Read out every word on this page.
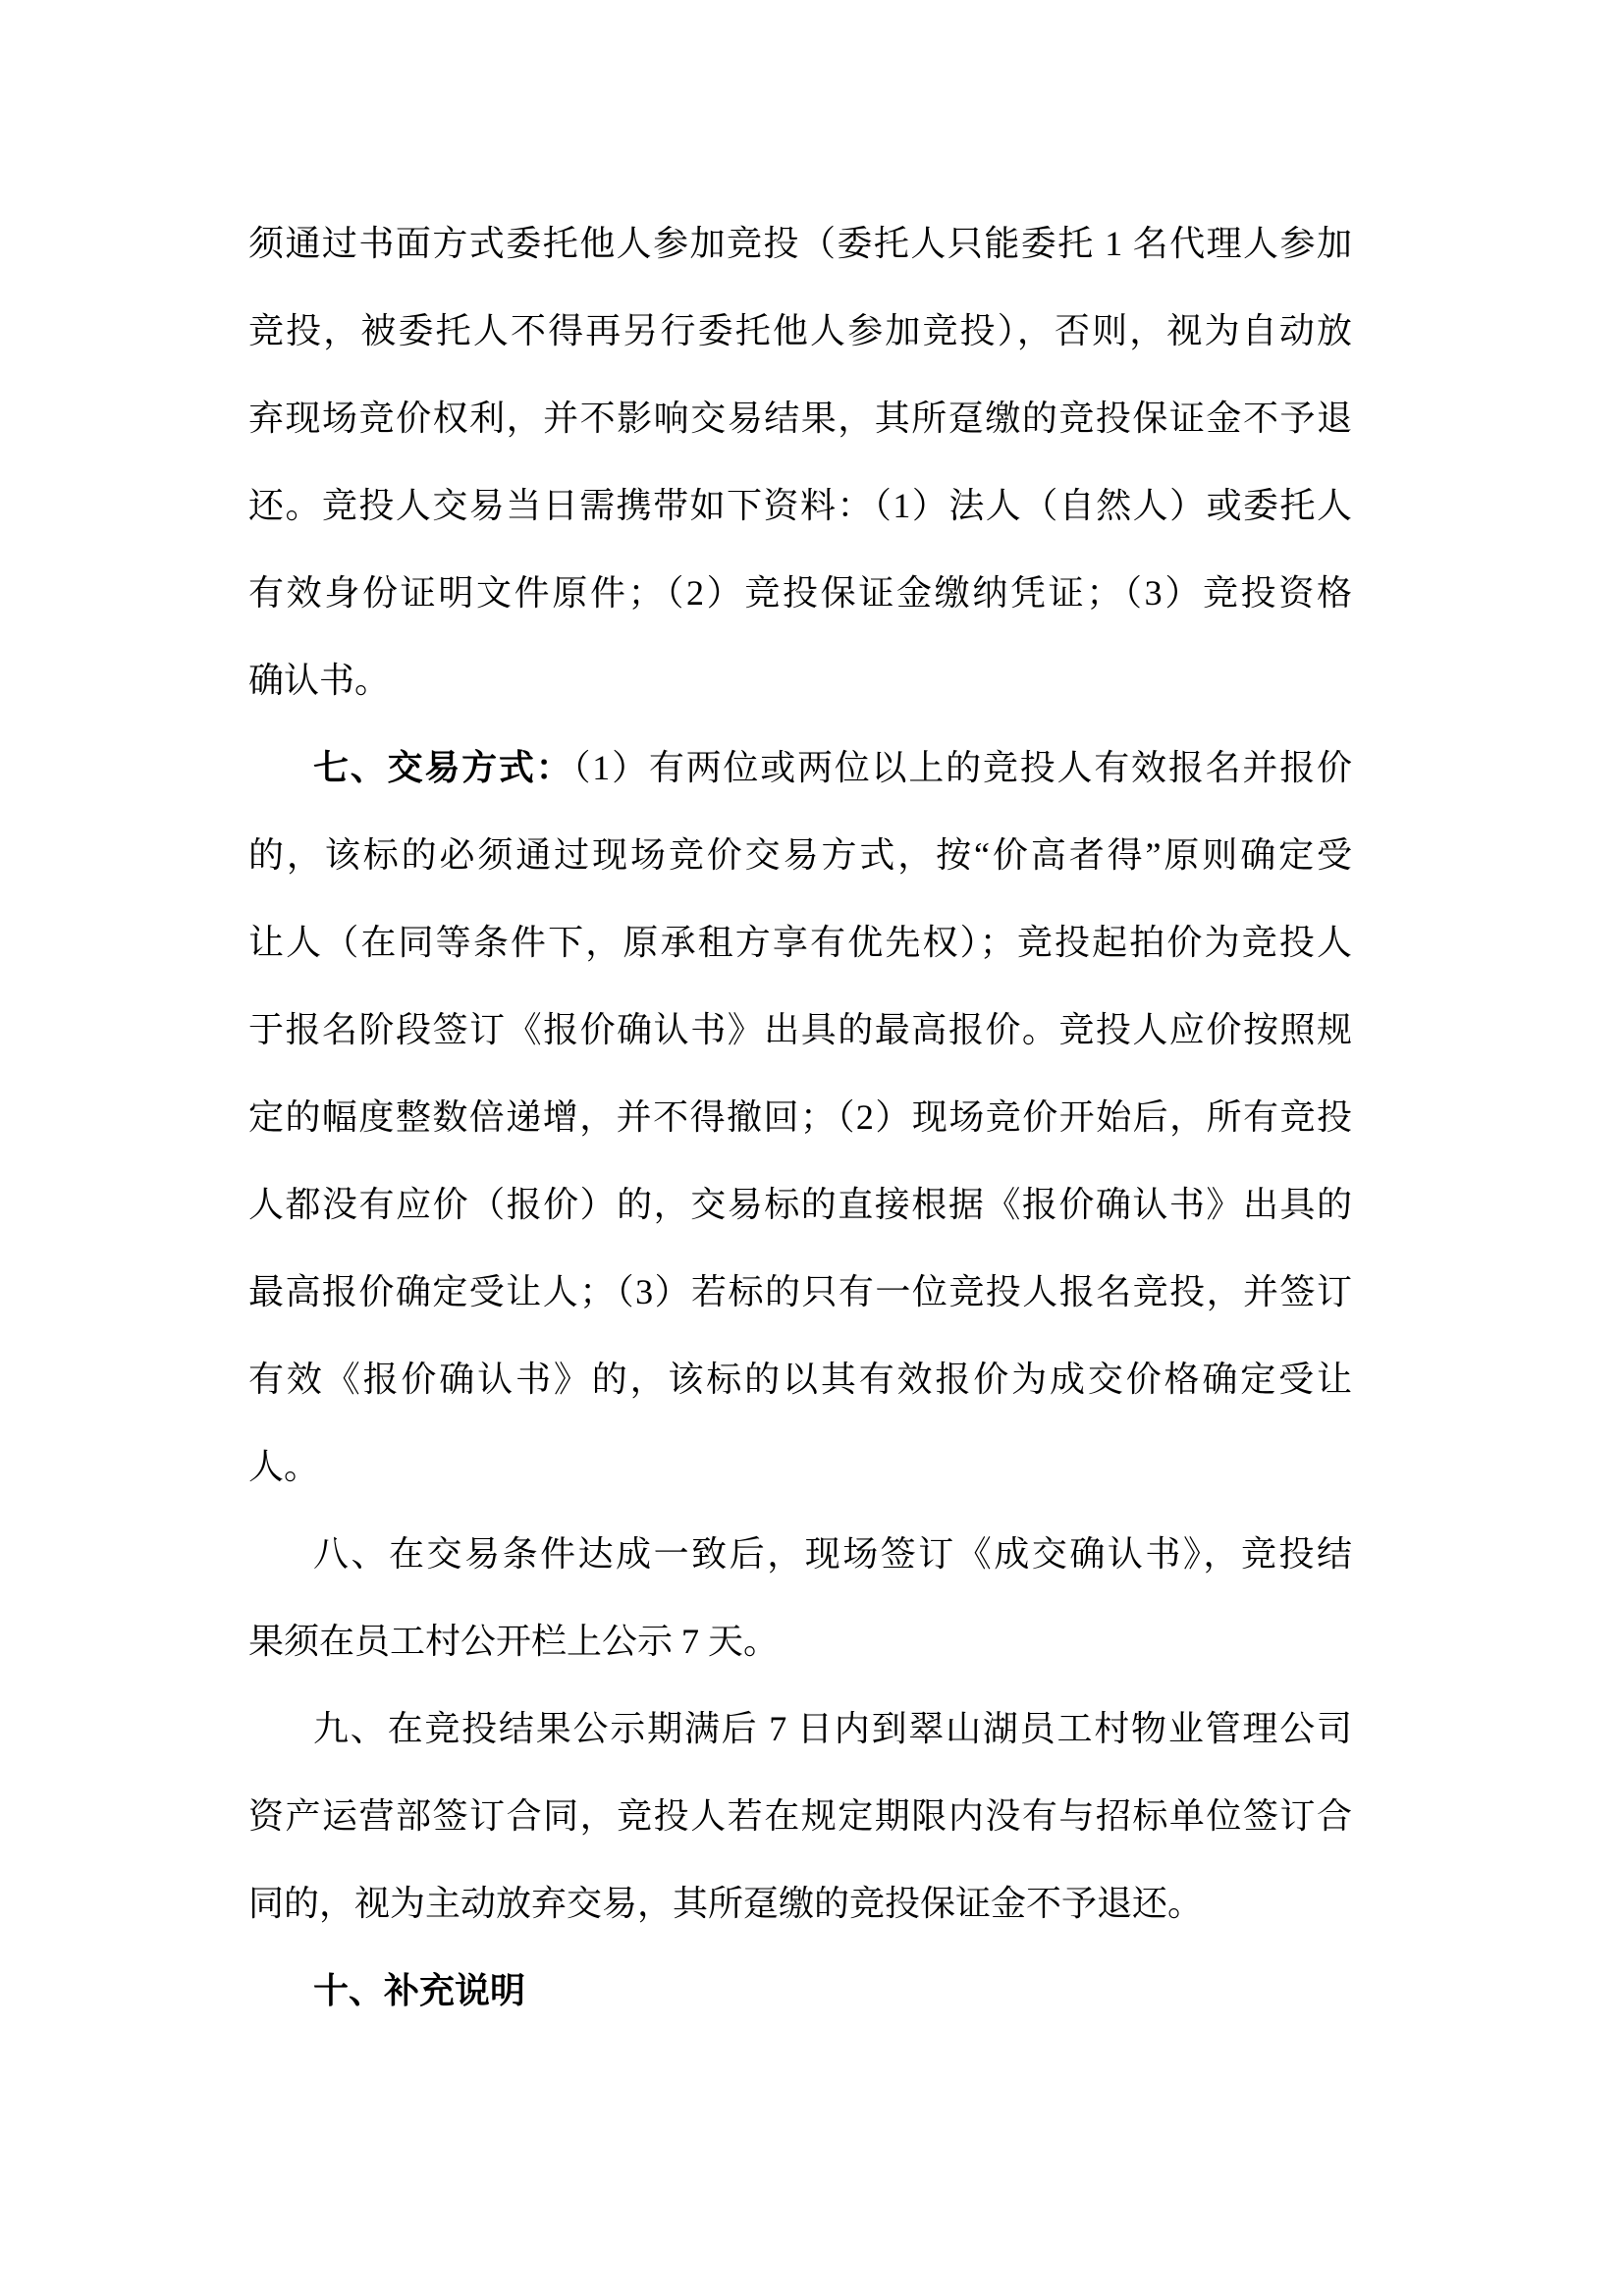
须通过书面方式委托他人参加竞投（委托人只能委托 1 名代理人参加
竞投，被委托人不得再另行委托他人参加竞投），否则，视为自动放
弃现场竞价权利，并不影响交易结果，其所趸缴的竞投保证金不予退
还。竞投人交易当日需携带如下资料：（1）法人（自然人）或委托人
有效身份证明文件原件；（2）竞投保证金缴纳凭证；（3）竞投资格
确认书。
七、交易方式：（1）有两位或两位以上的竞投人有效报名并报价
的，该标的必须通过现场竞价交易方式，按“价高者得”原则确定受
让人（在同等条件下，原承租方享有优先权）；竞投起拍价为竞投人
于报名阶段签订《报价确认书》出具的最高报价。竞投人应价按照规
定的幅度整数倍递增，并不得撤回；（2）现场竞价开始后，所有竞投
人都没有应价（报价）的，交易标的直接根据《报价确认书》出具的
最高报价确定受让人；（3）若标的只有一位竞投人报名竞投，并签订
有效《报价确认书》的，该标的以其有效报价为成交价格确定受让
人。
八、在交易条件达成一致后，现场签订《成交确认书》，竞投结
果须在员工村公开栏上公示 7 天。
九、在竞投结果公示期满后 7 日内到翠山湖员工村物业管理公司
资产运营部签订合同，竞投人若在规定期限内没有与招标单位签订合
同的，视为主动放弃交易，其所趸缴的竞投保证金不予退还。
十、补充说明
